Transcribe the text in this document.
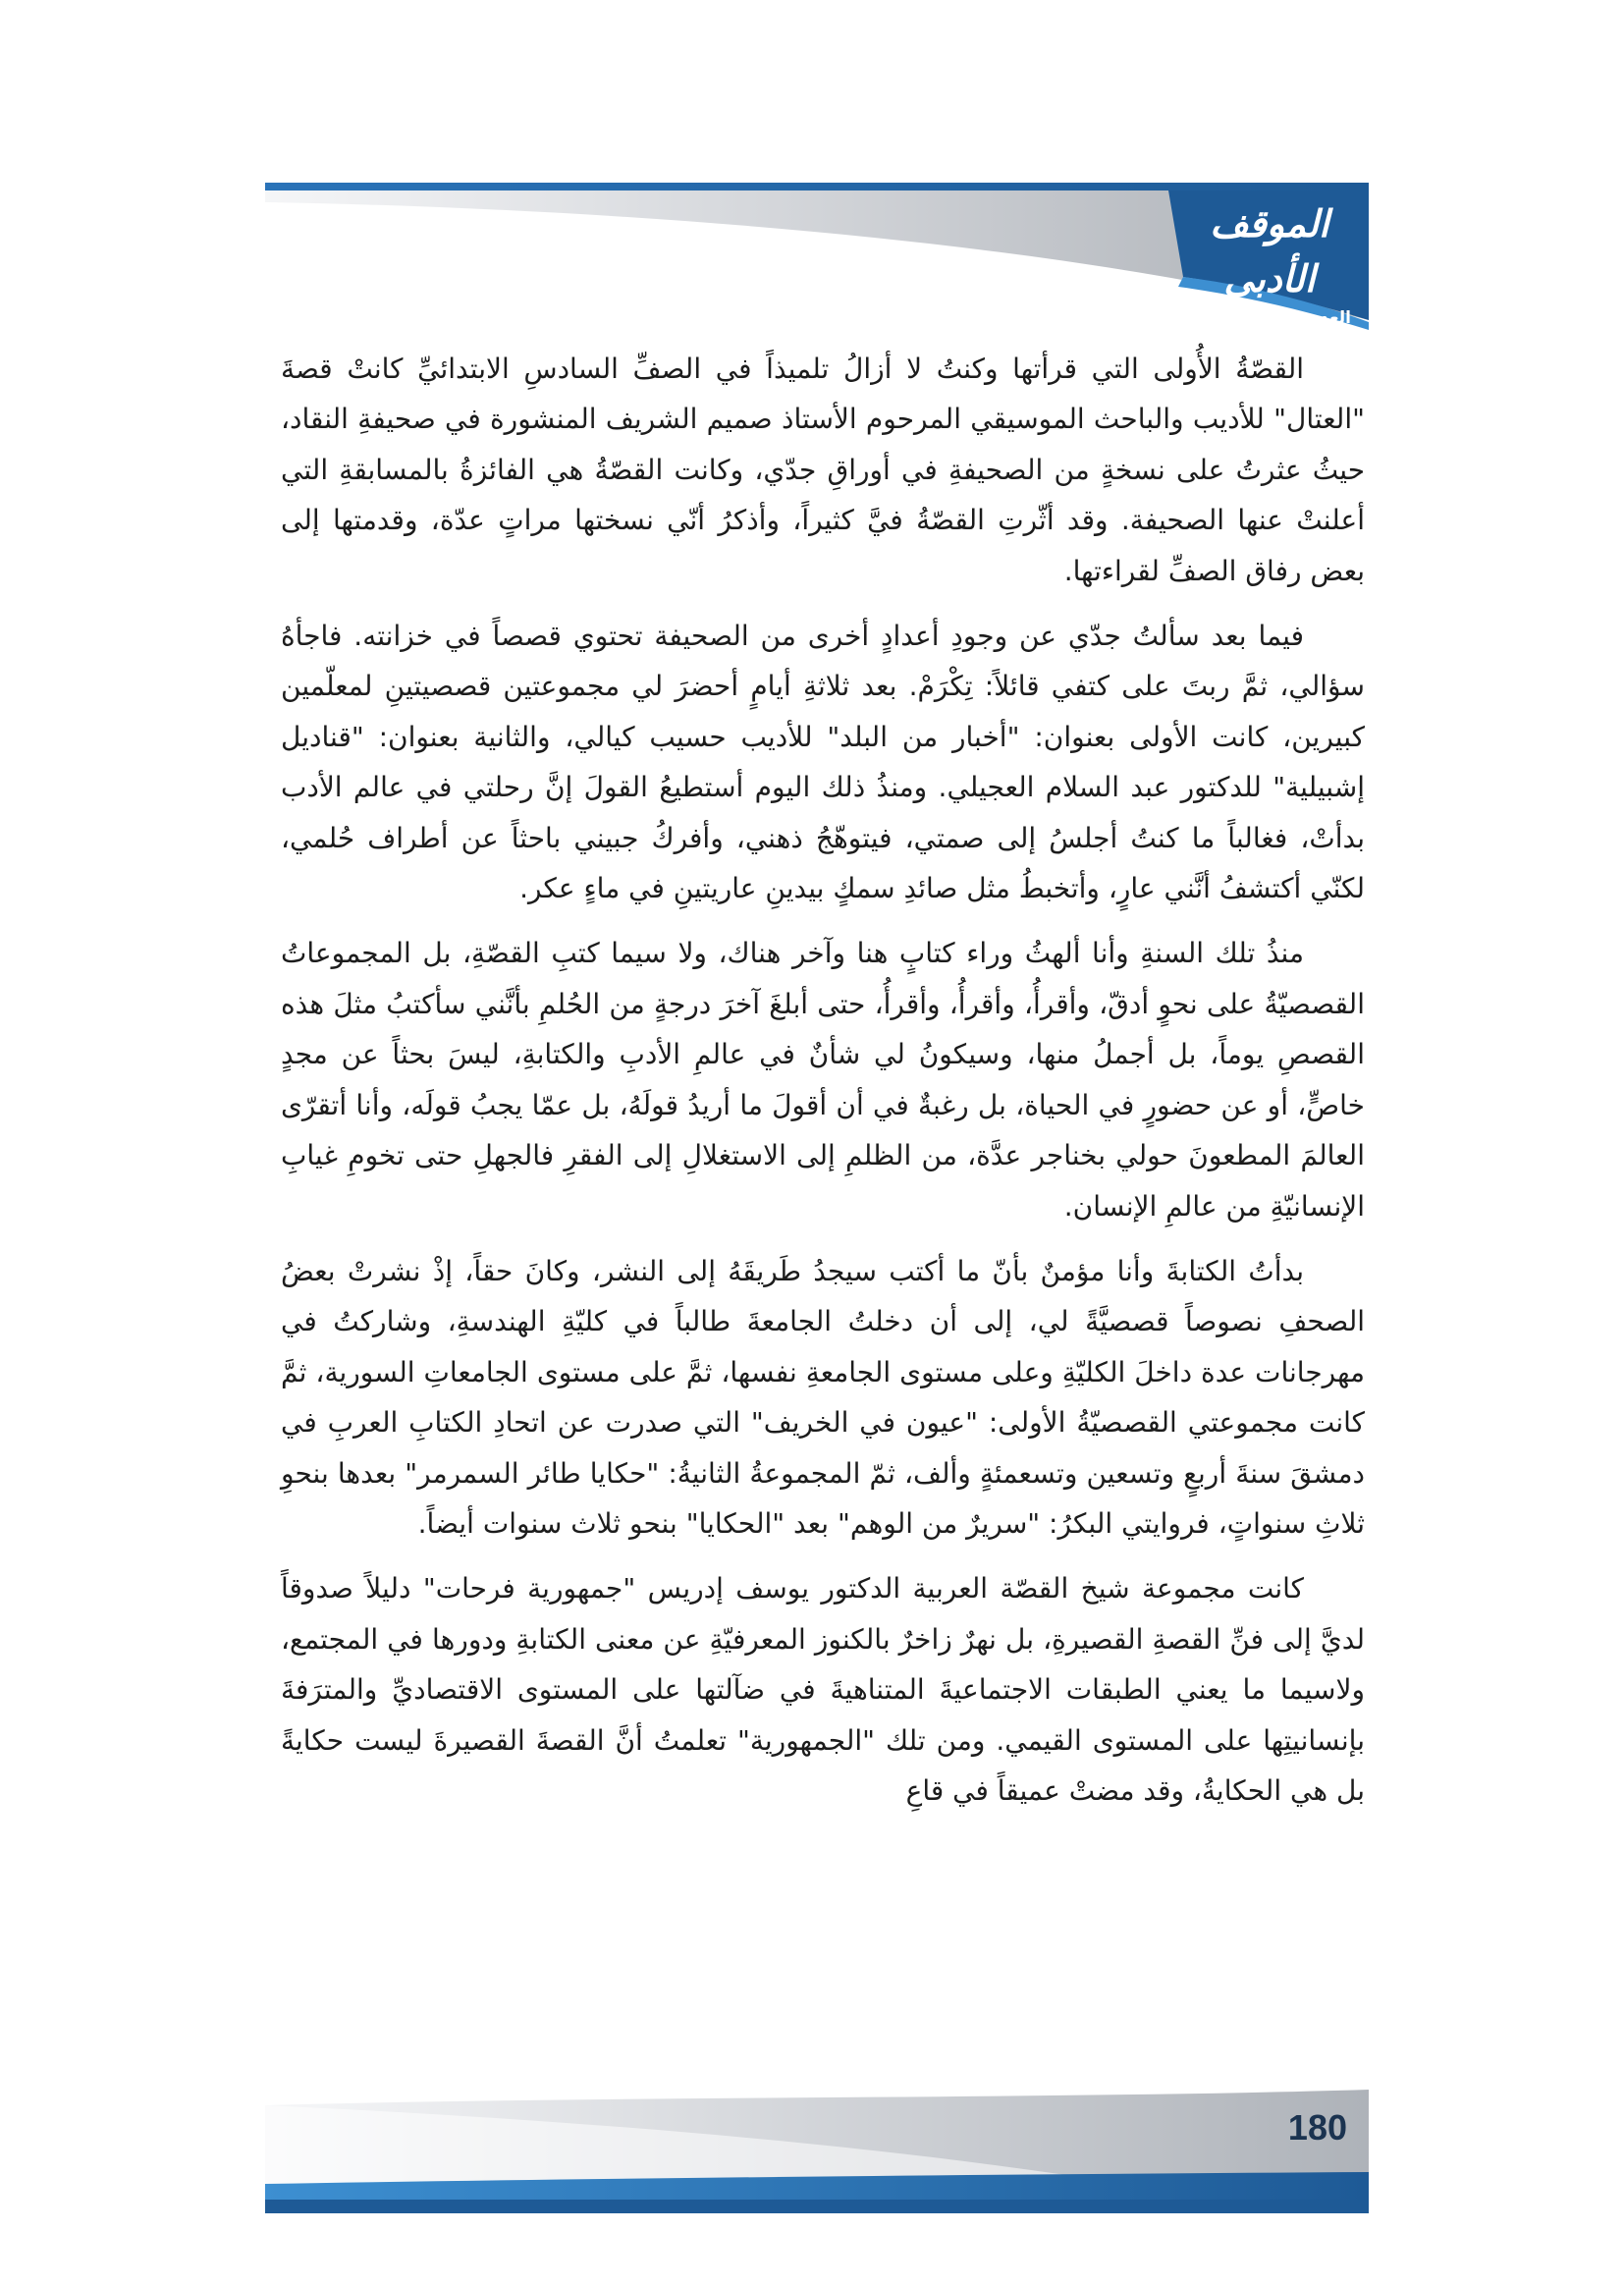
الموقف الأدبي
العدد 556 - أيار 2017

القصّةُ الأُولى التي قرأتها وكنتُ لا أزالُ تلميذاً في الصفِّ السادسِ الابتدائيِّ كانتْ قصةَ "العتال" للأديب والباحث الموسيقي المرحوم الأستاذ صميم الشريف المنشورة في صحيفةِ النقاد، حيثُ عثرتُ على نسخةٍ من الصحيفةِ في أوراقِ جدّي، وكانت القصّةُ هي الفائزةُ بالمسابقةِ التي أعلنتْ عنها الصحيفة. وقد أثّرتِ القصّةُ فيَّ كثيراً، وأذكرُ أنّي نسختها مراتٍ عدّة، وقدمتها إلى بعض رفاق الصفِّ لقراءتها.

فيما بعد سألتُ جدّي عن وجودِ أعدادٍ أخرى من الصحيفة تحتوي قصصاً في خزانته. فاجأهُ سؤالي، ثمَّ ربتَ على كتفي قائلاً: تِكْرَمْ. بعد ثلاثةِ أيامٍ أحضرَ لي مجموعتين قصصيتينِ لمعلّمين كبيرين، كانت الأولى بعنوان: "أخبار من البلد" للأديب حسيب كيالي، والثانية بعنوان: "قناديل إشبيلية" للدكتور عبد السلام العجيلي. ومنذُ ذلك اليوم أستطيعُ القولَ إنَّ رحلتي في عالم الأدب بدأتْ، فغالباً ما كنتُ أجلسُ إلى صمتي، فيتوهّجُ ذهني، وأفركُ جبيني باحثاً عن أطراف حُلمي، لكنّي أكتشفُ أنَّني عارٍ، وأتخبطُ مثل صائدِ سمكٍ بيدينِ عاريتينِ في ماءٍ عكر.

منذُ تلك السنةِ وأنا ألهثُ وراء كتابٍ هنا وآخر هناك، ولا سيما كتبِ القصّةِ، بل المجموعاتُ القصصيّةُ على نحوٍ أدقّ، وأقرأُ، وأقرأُ، وأقرأُ، حتى أبلغَ آخرَ درجةٍ من الحُلمِ بأنَّني سأكتبُ مثلَ هذه القصصِ يوماً، بل أجملُ منها، وسيكونُ لي شأنٌ في عالمِ الأدبِ والكتابةِ، ليسَ بحثاً عن مجدٍ خاصٍّ، أو عن حضورٍ في الحياة، بل رغبةٌ في أن أقولَ ما أريدُ قولَهُ، بل عمّا يجبُ قولَه، وأنا أتقرّى العالمَ المطعونَ حولي بخناجر عدَّة، من الظلمِ إلى الاستغلالِ إلى الفقرِ فالجهلِ حتى تخومِ غيابِ الإنسانيّةِ من عالمِ الإنسان.

بدأتُ الكتابةَ وأنا مؤمنٌ بأنّ ما أكتب سيجدُ طَريقَهُ إلى النشر، وكانَ حقاً، إذْ نشرتْ بعضُ الصحفِ نصوصاً قصصيَّةً لي، إلى أن دخلتُ الجامعةَ طالباً في كليّةِ الهندسةِ، وشاركتُ في مهرجانات عدة داخلَ الكليّةِ وعلى مستوى الجامعةِ نفسها، ثمَّ على مستوى الجامعاتِ السورية، ثمَّ كانت مجموعتي القصصيّةُ الأولى: "عيون في الخريف" التي صدرت عن اتحادِ الكتابِ العربِ في دمشقَ سنةَ أربعٍ وتسعين وتسعمئةٍ وألف، ثمّ المجموعةُ الثانيةُ: "حكايا طائر السمرمر" بعدها بنحوِ ثلاثِ سنواتٍ، فروايتي البكرُ: "سريرٌ من الوهم" بعد "الحكايا" بنحو ثلاث سنوات أيضاً.

كانت مجموعة شيخ القصّة العربية الدكتور يوسف إدريس "جمهورية فرحات" دليلاً صدوقاً لديَّ إلى فنِّ القصةِ القصيرةِ، بل نهرٌ زاخرٌ بالكنوز المعرفيّةِ عن معنى الكتابةِ ودورها في المجتمع، ولاسيما ما يعني الطبقات الاجتماعيةَ المتناهيةَ في ضآلتها على المستوى الاقتصاديِّ والمترَفةَ بإنسانيتِها على المستوى القيمي. ومن تلك "الجمهورية" تعلمتُ أنَّ القصةَ القصيرةَ ليست حكايةً بل هي الحكايةُ، وقد مضتْ عميقاً في قاعِ

180
